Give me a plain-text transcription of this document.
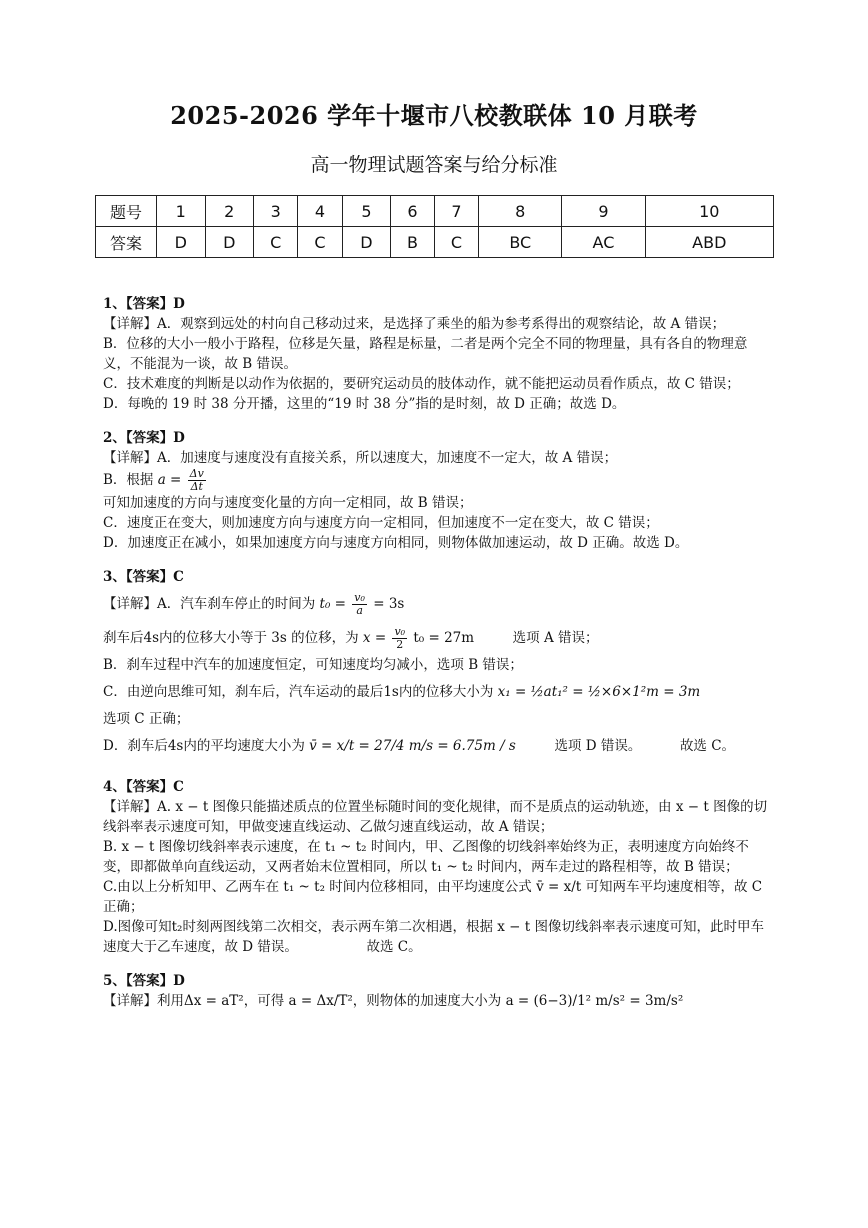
2025-2026 学年十堰市八校教联体 10 月联考
高一物理试题答案与给分标准
题号	1	2	3	4	5	6	7	8	9	10
答案	D	D	C	C	D	B	C	BC	AC	ABD

1、【答案】D

【详解】A．观察到远处的村向自己移动过来，是选择了乘坐的船为参考系得出的观察结论，故 A 错误；

B．位移的大小一般小于路程，位移是矢量，路程是标量，二者是两个完全不同的物理量，具有各自的物理意义，不能混为一谈，故 B 错误。

C．技术难度的判断是以动作为依据的，要研究运动员的肢体动作，就不能把运动员看作质点，故 C 错误；

D．每晚的 19 时 38 分开播，这里的“19 时 38 分”指的是时刻，故 D 正确；故选 D。

2、【答案】D

【详解】A．加速度与速度没有直接关系，所以速度大，加速度不一定大，故 A 错误；

B．根据 $a = \frac{\Delta v}{\Delta t}$

可知加速度的方向与速度变化量的方向一定相同，故 B 错误；

C．速度正在变大，则加速度方向与速度方向一定相同，但加速度不一定在变大，故 C 错误；

D．加速度正在减小，如果加速度方向与速度方向相同，则物体做加速运动，故 D 正确。故选 D。

3、【答案】C

【详解】A．汽车刹车停止的时间为 $t_0 = \frac{\text{v₀}}{a} = 3s$

刹车后4s内的位移大小等于 3s 的位移，为 $x = \frac{\text{v₀}}{2} t_0 = 27m$	选项 A 错误；

B．刹车过程中汽车的加速度恒定，可知速度均匀减小，选项 B 错误；

C．由逆向思维可知，刹车后，汽车运动的最后1s内的位移大小为 x₁ = ½at₁² = ½×6×1²m = 3m

选项 C 正确；

D．刹车后4s内的平均速度大小为 v̄ = x/t = 27/4 m/s = 6.75m / s	选项 D 错误。	故选 C。

4、【答案】C

【详解】A. x − t 图像只能描述质点的位置坐标随时间的变化规律，而不是质点的运动轨迹，由 x − t 图像的切线斜率表示速度可知，甲做变速直线运动、乙做匀速直线运动，故 A 错误；

B. x − t 图像切线斜率表示速度，在 t₁ ~ t₂ 时间内，甲、乙图像的切线斜率始终为正，表明速度方向始终不变，即都做单向直线运动，又两者始末位置相同，所以 t₁ ~ t₂ 时间内，两车走过的路程相等，故 B 错误；

C.由以上分析知甲、乙两车在 t₁ ~ t₂ 时间内位移相同，由平均速度公式 v̄ = x/t 可知两车平均速度相等，故 C 正确；

D.图像可知t₂时刻两图线第二次相交，表示两车第二次相遇，根据 x − t 图像切线斜率表示速度可知，此时甲车速度大于乙车速度，故 D 错误。	故选 C。

5、【答案】D

【详解】利用Δx = aT²，可得 a = Δx/T²，则物体的加速度大小为 a = (6−3)/1² m/s² = 3m/s²
